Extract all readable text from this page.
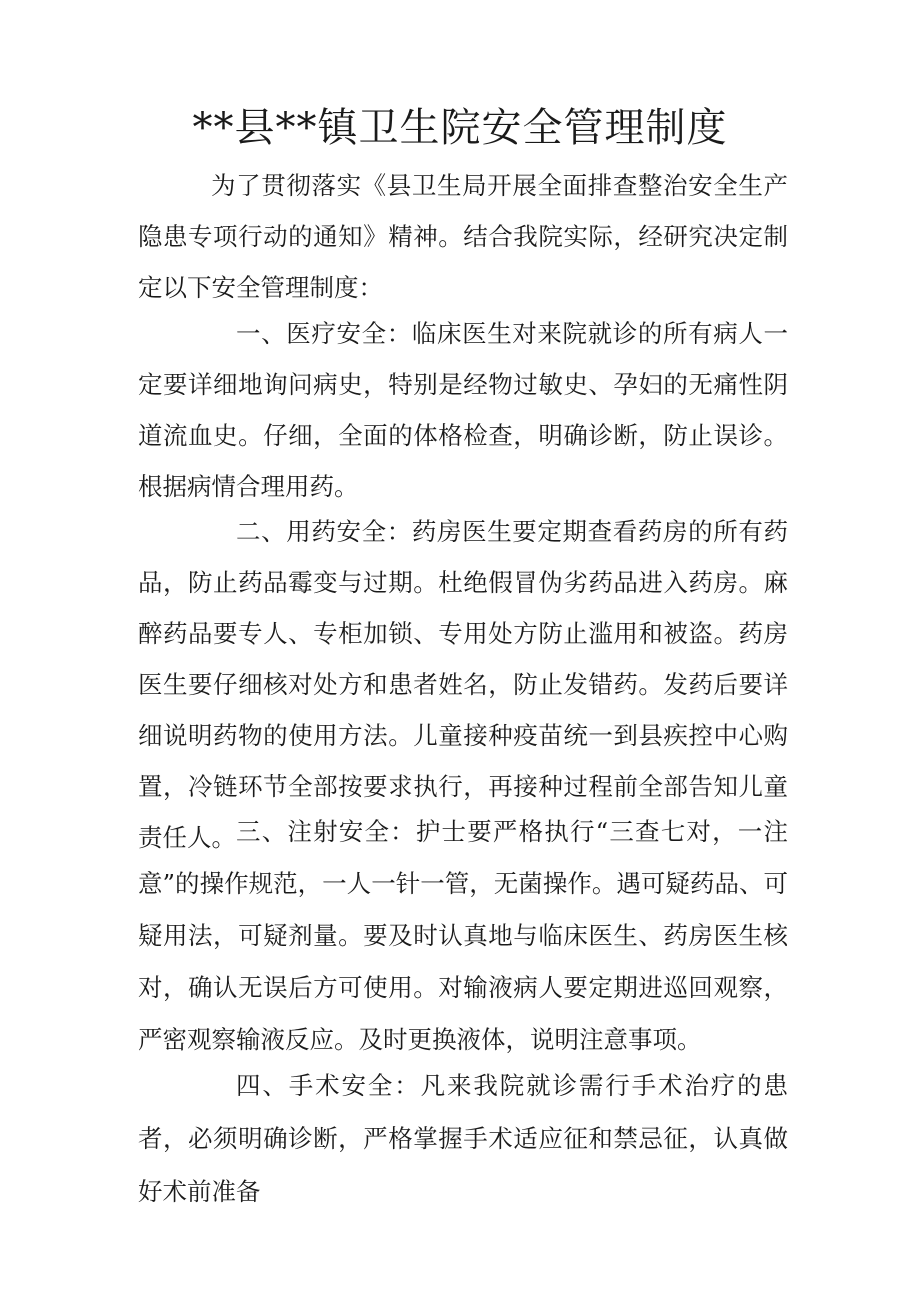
**县**镇卫生院安全管理制度

为了贯彻落实《县卫生局开展全面排查整治安全生产隐患专项行动的通知》精神。结合我院实际，经研究决定制定以下安全管理制度：

一、医疗安全：临床医生对来院就诊的所有病人一定要详细地询问病史，特别是经物过敏史、孕妇的无痛性阴道流血史。仔细，全面的体格检查，明确诊断，防止误诊。根据病情合理用药。

二、用药安全：药房医生要定期查看药房的所有药品，防止药品霉变与过期。杜绝假冒伪劣药品进入药房。麻醉药品要专人、专柜加锁、专用处方防止滥用和被盗。药房医生要仔细核对处方和患者姓名，防止发错药。发药后要详细说明药物的使用方法。儿童接种疫苗统一到县疾控中心购置，冷链环节全部按要求执行，再接种过程前全部告知儿童责任人。 三、注射安全：护士要严格执行“三查七对，一注意”的操作规范，一人一针一管，无菌操作。遇可疑药品、可疑用法，可疑剂量。要及时认真地与临床医生、药房医生核对，确认无误后方可使用。对输液病人要定期进巡回观察，严密观察输液反应。及时更换液体，说明注意事项。

四、手术安全：凡来我院就诊需行手术治疗的患者，必须明确诊断，严格掌握手术适应征和禁忌征，认真做好术前准备
